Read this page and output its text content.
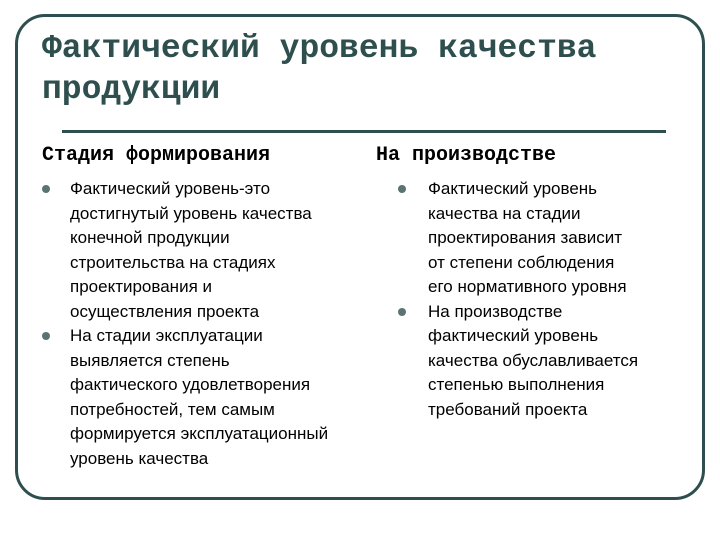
Фактический уровень качества
продукции
Стадия формирования	На производстве
Фактический уровень-это
достигнутый уровень качества
конечной продукции
строительства на стадиях
проектирования и
осуществления проекта
На стадии эксплуатации
выявляется степень
фактического удовлетворения
потребностей, тем самым
формируется эксплуатационный
уровень качества
Фактический уровень
качества на стадии
проектирования зависит
от степени соблюдения
его нормативного уровня
На производстве
фактический уровень
качества обуславливается
степенью выполнения
требований проекта
